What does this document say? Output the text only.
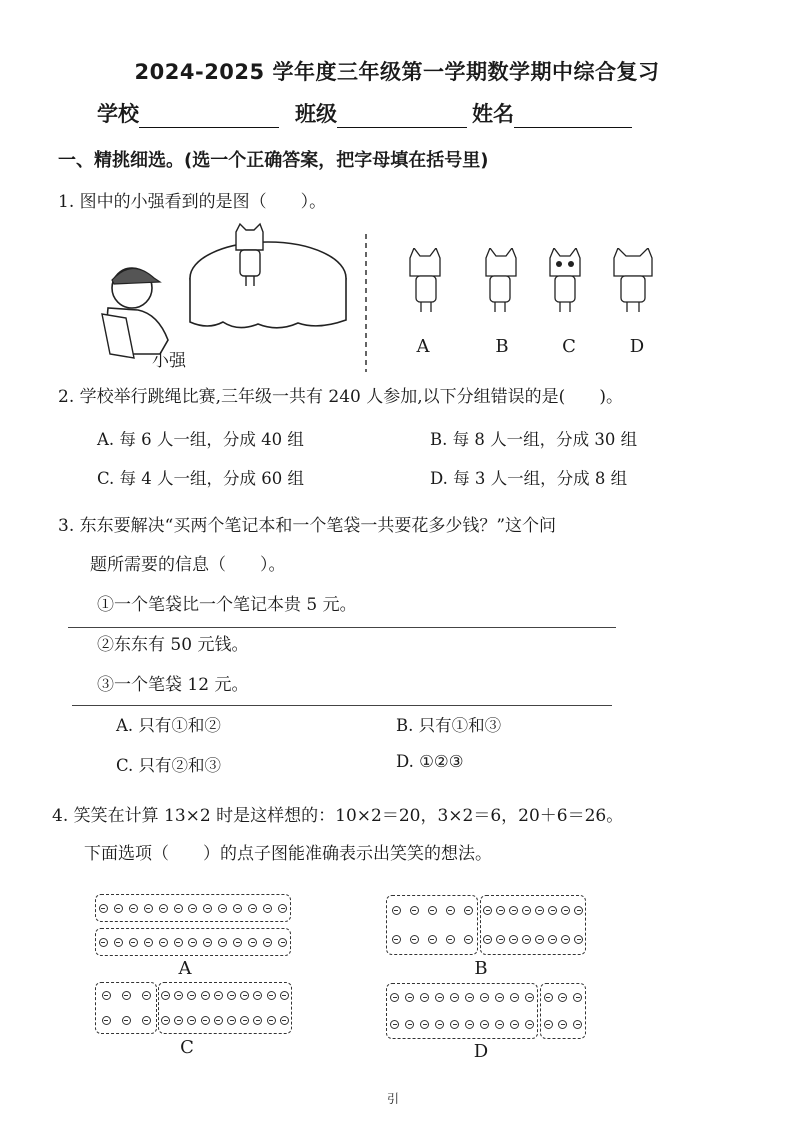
2024-2025 学年度三年级第一学期数学期中综合复习
学校	班级	姓名
一、精挑细选。(选一个正确答案，把字母填在括号里)
1. 图中的小强看到的是图（　　）。
小强
A	B	C	D
2. 学校举行跳绳比赛,三年级一共有 240 人参加,以下分组错误的是(　　)。
A. 每 6 人一组，分成 40 组	B. 每 8 人一组，分成 30 组
C. 每 4 人一组，分成 60 组	D. 每 3 人一组，分成 8 组
3. 东东要解决“买两个笔记本和一个笔袋一共要花多少钱？”这个问
题所需要的信息（　　）。
①一个笔袋比一个笔记本贵 5 元。
②东东有 50 元钱。
③一个笔袋 12 元。
A. 只有①和②	B. 只有①和③
C. 只有②和③	D. ①②③
4. 笑笑在计算 13×2 时是这样想的：10×2＝20，3×2＝6，20＋6＝26。
下面选项（　　）的点子图能准确表示出笑笑的想法。
A	B
C	D
引
